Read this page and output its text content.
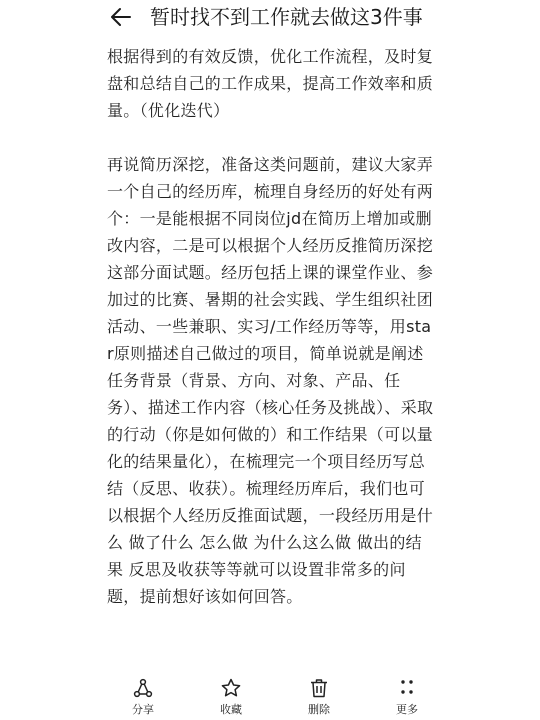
暂时找不到工作就去做这3件事

根据得到的有效反馈，优化工作流程，及时复盘和总结自己的工作成果，提高工作效率和质量。（优化迭代）

再说简历深挖，准备这类问题前，建议大家弄一个自己的经历库，梳理自身经历的好处有两个：一是能根据不同岗位jd在简历上增加或删改内容，二是可以根据个人经历反推简历深挖这部分面试题。经历包括上课的课堂作业、参加过的比赛、暑期的社会实践、学生组织社团活动、一些兼职、实习/工作经历等等，用star原则描述自己做过的项目，简单说就是阐述任务背景（背景、方向、对象、产品、任务）、描述工作内容（核心任务及挑战）、采取的行动（你是如何做的）和工作结果（可以量化的结果量化），在梳理完一个项目经历写总结（反思、收获）。梳理经历库后，我们也可以根据个人经历反推面试题，一段经历用是什么 做了什么 怎么做 为什么这么做 做出的结果 反思及收获等等就可以设置非常多的问题，提前想好该如何回答。

分享	收藏	删除	更多
